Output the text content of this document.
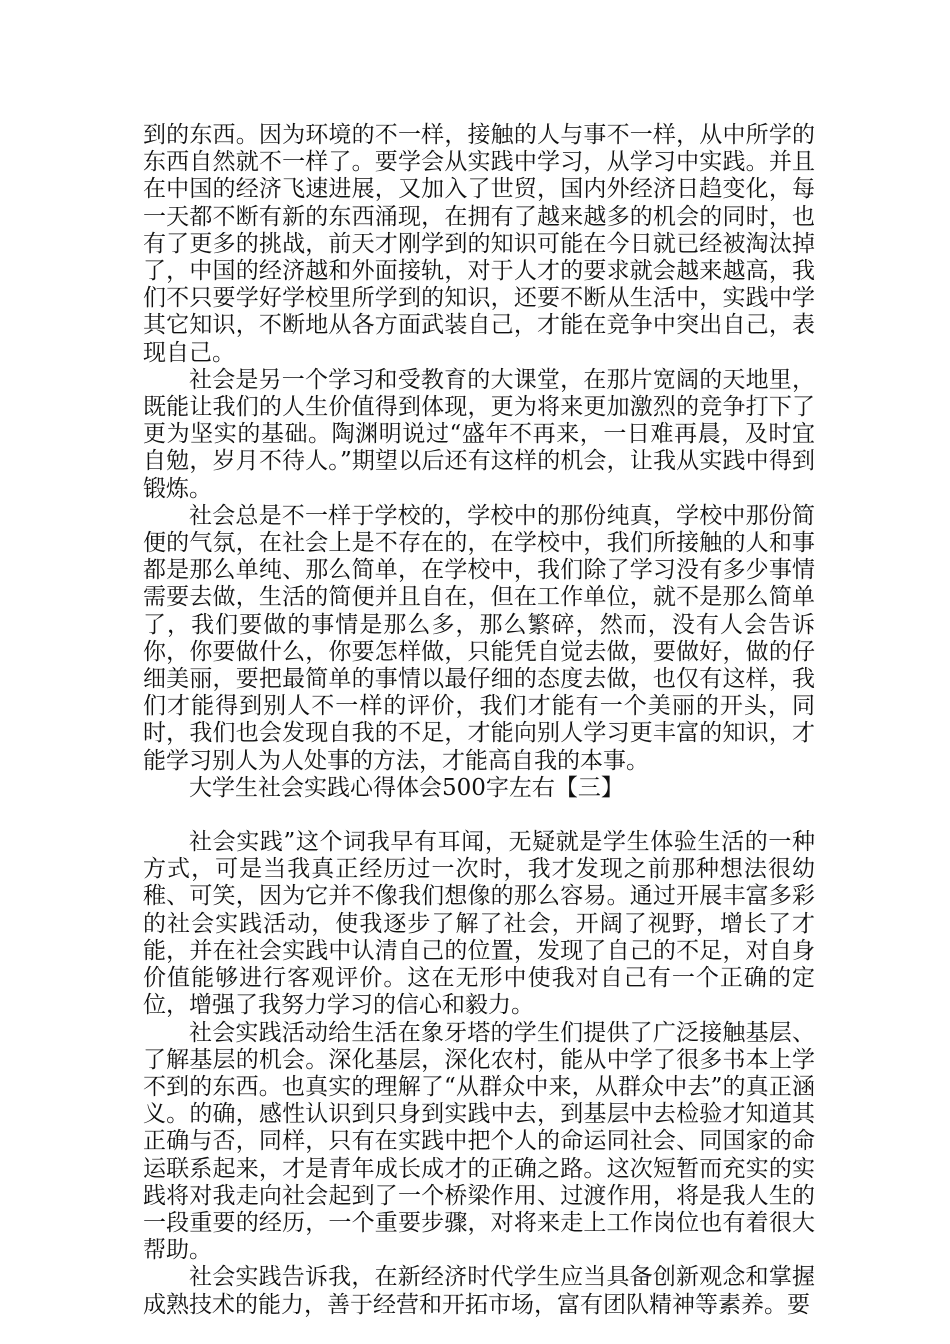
到的东西。因为环境的不一样，接触的人与事不一样，从中所学的东西自然就不一样了。要学会从实践中学习，从学习中实践。并且在中国的经济飞速进展，又加入了世贸，国内外经济日趋变化，每一天都不断有新的东西涌现，在拥有了越来越多的机会的同时，也有了更多的挑战，前天才刚学到的知识可能在今日就已经被淘汰掉了，中国的经济越和外面接轨，对于人才的要求就会越来越高，我们不只要学好学校里所学到的知识，还要不断从生活中，实践中学其它知识，不断地从各方面武装自己，才能在竞争中突出自己，表现自己。

社会是另一个学习和受教育的大课堂，在那片宽阔的天地里，既能让我们的人生价值得到体现，更为将来更加激烈的竞争打下了更为坚实的基础。陶渊明说过“盛年不再来，一日难再晨，及时宜自勉，岁月不待人。”期望以后还有这样的机会，让我从实践中得到锻炼。

社会总是不一样于学校的，学校中的那份纯真，学校中那份简便的气氛，在社会上是不存在的，在学校中，我们所接触的人和事都是那么单纯、那么简单，在学校中，我们除了学习没有多少事情需要去做，生活的简便并且自在，但在工作单位，就不是那么简单了，我们要做的事情是那么多，那么繁碎，然而，没有人会告诉你，你要做什么，你要怎样做，只能凭自觉去做，要做好，做的仔细美丽，要把最简单的事情以最仔细的态度去做，也仅有这样，我们才能得到别人不一样的评价，我们才能有一个美丽的开头，同时，我们也会发现自我的不足，才能向别人学习更丰富的知识，才能学习别人为人处事的方法，才能高自我的本事。

大学生社会实践心得体会500字左右【三】

社会实践”这个词我早有耳闻，无疑就是学生体验生活的一种方式，可是当我真正经历过一次时，我才发现之前那种想法很幼稚、可笑，因为它并不像我们想像的那么容易。通过开展丰富多彩的社会实践活动，使我逐步了解了社会，开阔了视野，增长了才能，并在社会实践中认清自己的位置，发现了自己的不足，对自身价值能够进行客观评价。这在无形中使我对自己有一个正确的定位，增强了我努力学习的信心和毅力。

社会实践活动给生活在象牙塔的学生们提供了广泛接触基层、了解基层的机会。深化基层，深化农村，能从中学了很多书本上学不到的东西。也真实的理解了“从群众中来，从群众中去”的真正涵义。的确，感性认识到只身到实践中去，到基层中去检验才知道其正确与否，同样，只有在实践中把个人的命运同社会、同国家的命运联系起来，才是青年成长成才的正确之路。这次短暂而充实的实践将对我走向社会起到了一个桥梁作用、过渡作用，将是我人生的一段重要的经历，一个重要步骤，对将来走上工作岗位也有着很大帮助。

社会实践告诉我，在新经济时代学生应当具备创新观念和掌握成熟技术的能力，善于经营和开拓市场，富有团队精神等素养。要
